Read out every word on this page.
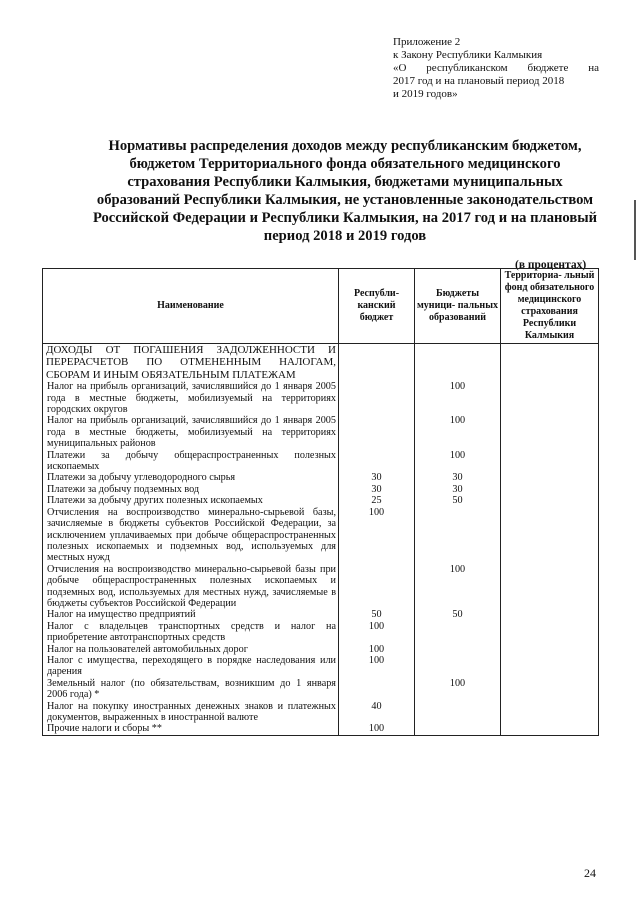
Приложение 2
к Закону Республики Калмыкия
«О республиканском бюджете на
2017 год и на плановый период 2018
и 2019 годов»
Нормативы распределения доходов между республиканским бюджетом,
бюджетом Территориального фонда обязательного медицинского
страхования Республики Калмыкия, бюджетами муниципальных
образований Республики Калмыкия, не установленные законодательством
Российской Федерации и Республики Калмыкия, на 2017 год и на плановый
период 2018 и 2019 годов
(в процентах)
Наименование	Республи- канский бюджет	Бюджеты муници- пальных образований	Территориа- льный фонд обязательного медицинского страхования Республики Калмыкия
ДОХОДЫ ОТ ПОГАШЕНИЯ ЗАДОЛЖЕННОСТИ И ПЕРЕРАСЧЕТОВ ПО ОТМЕНЕННЫМ НАЛОГАМ, СБОРАМ И ИНЫМ ОБЯЗАТЕЛЬНЫМ ПЛАТЕЖАМ			
Налог на прибыль организаций, зачислявшийся до 1 января 2005 года в местные бюджеты, мобилизуемый на территориях городских округов		100	
Налог на прибыль организаций, зачислявшийся до 1 января 2005 года в местные бюджеты, мобилизуемый на территориях муниципальных районов		100	
Платежи за добычу общераспространенных полезных ископаемых		100	
Платежи за добычу углеводородного сырья	30	30	
Платежи за добычу подземных вод	30	30	
Платежи за добычу других полезных ископаемых	25	50	
Отчисления на воспроизводство минерально-сырьевой базы, зачисляемые в бюджеты субъектов Российской Федерации, за исключением уплачиваемых при добыче общераспространенных полезных ископаемых и подземных вод, используемых для местных нужд	100		
Отчисления на воспроизводство минерально-сырьевой базы при добыче общераспространенных полезных ископаемых и подземных вод, используемых для местных нужд, зачисляемые в бюджеты субъектов Российской Федерации		100	
Налог на имущество предприятий	50	50	
Налог с владельцев транспортных средств и налог на приобретение автотранспортных средств	100		
Налог на пользователей автомобильных дорог	100		
Налог с имущества, переходящего в порядке наследования или дарения	100		
Земельный налог (по обязательствам, возникшим до 1 января 2006 года) *		100	
Налог на покупку иностранных денежных знаков и платежных документов, выраженных в иностранной валюте	40		
Прочие налоги и сборы **	100		
24
